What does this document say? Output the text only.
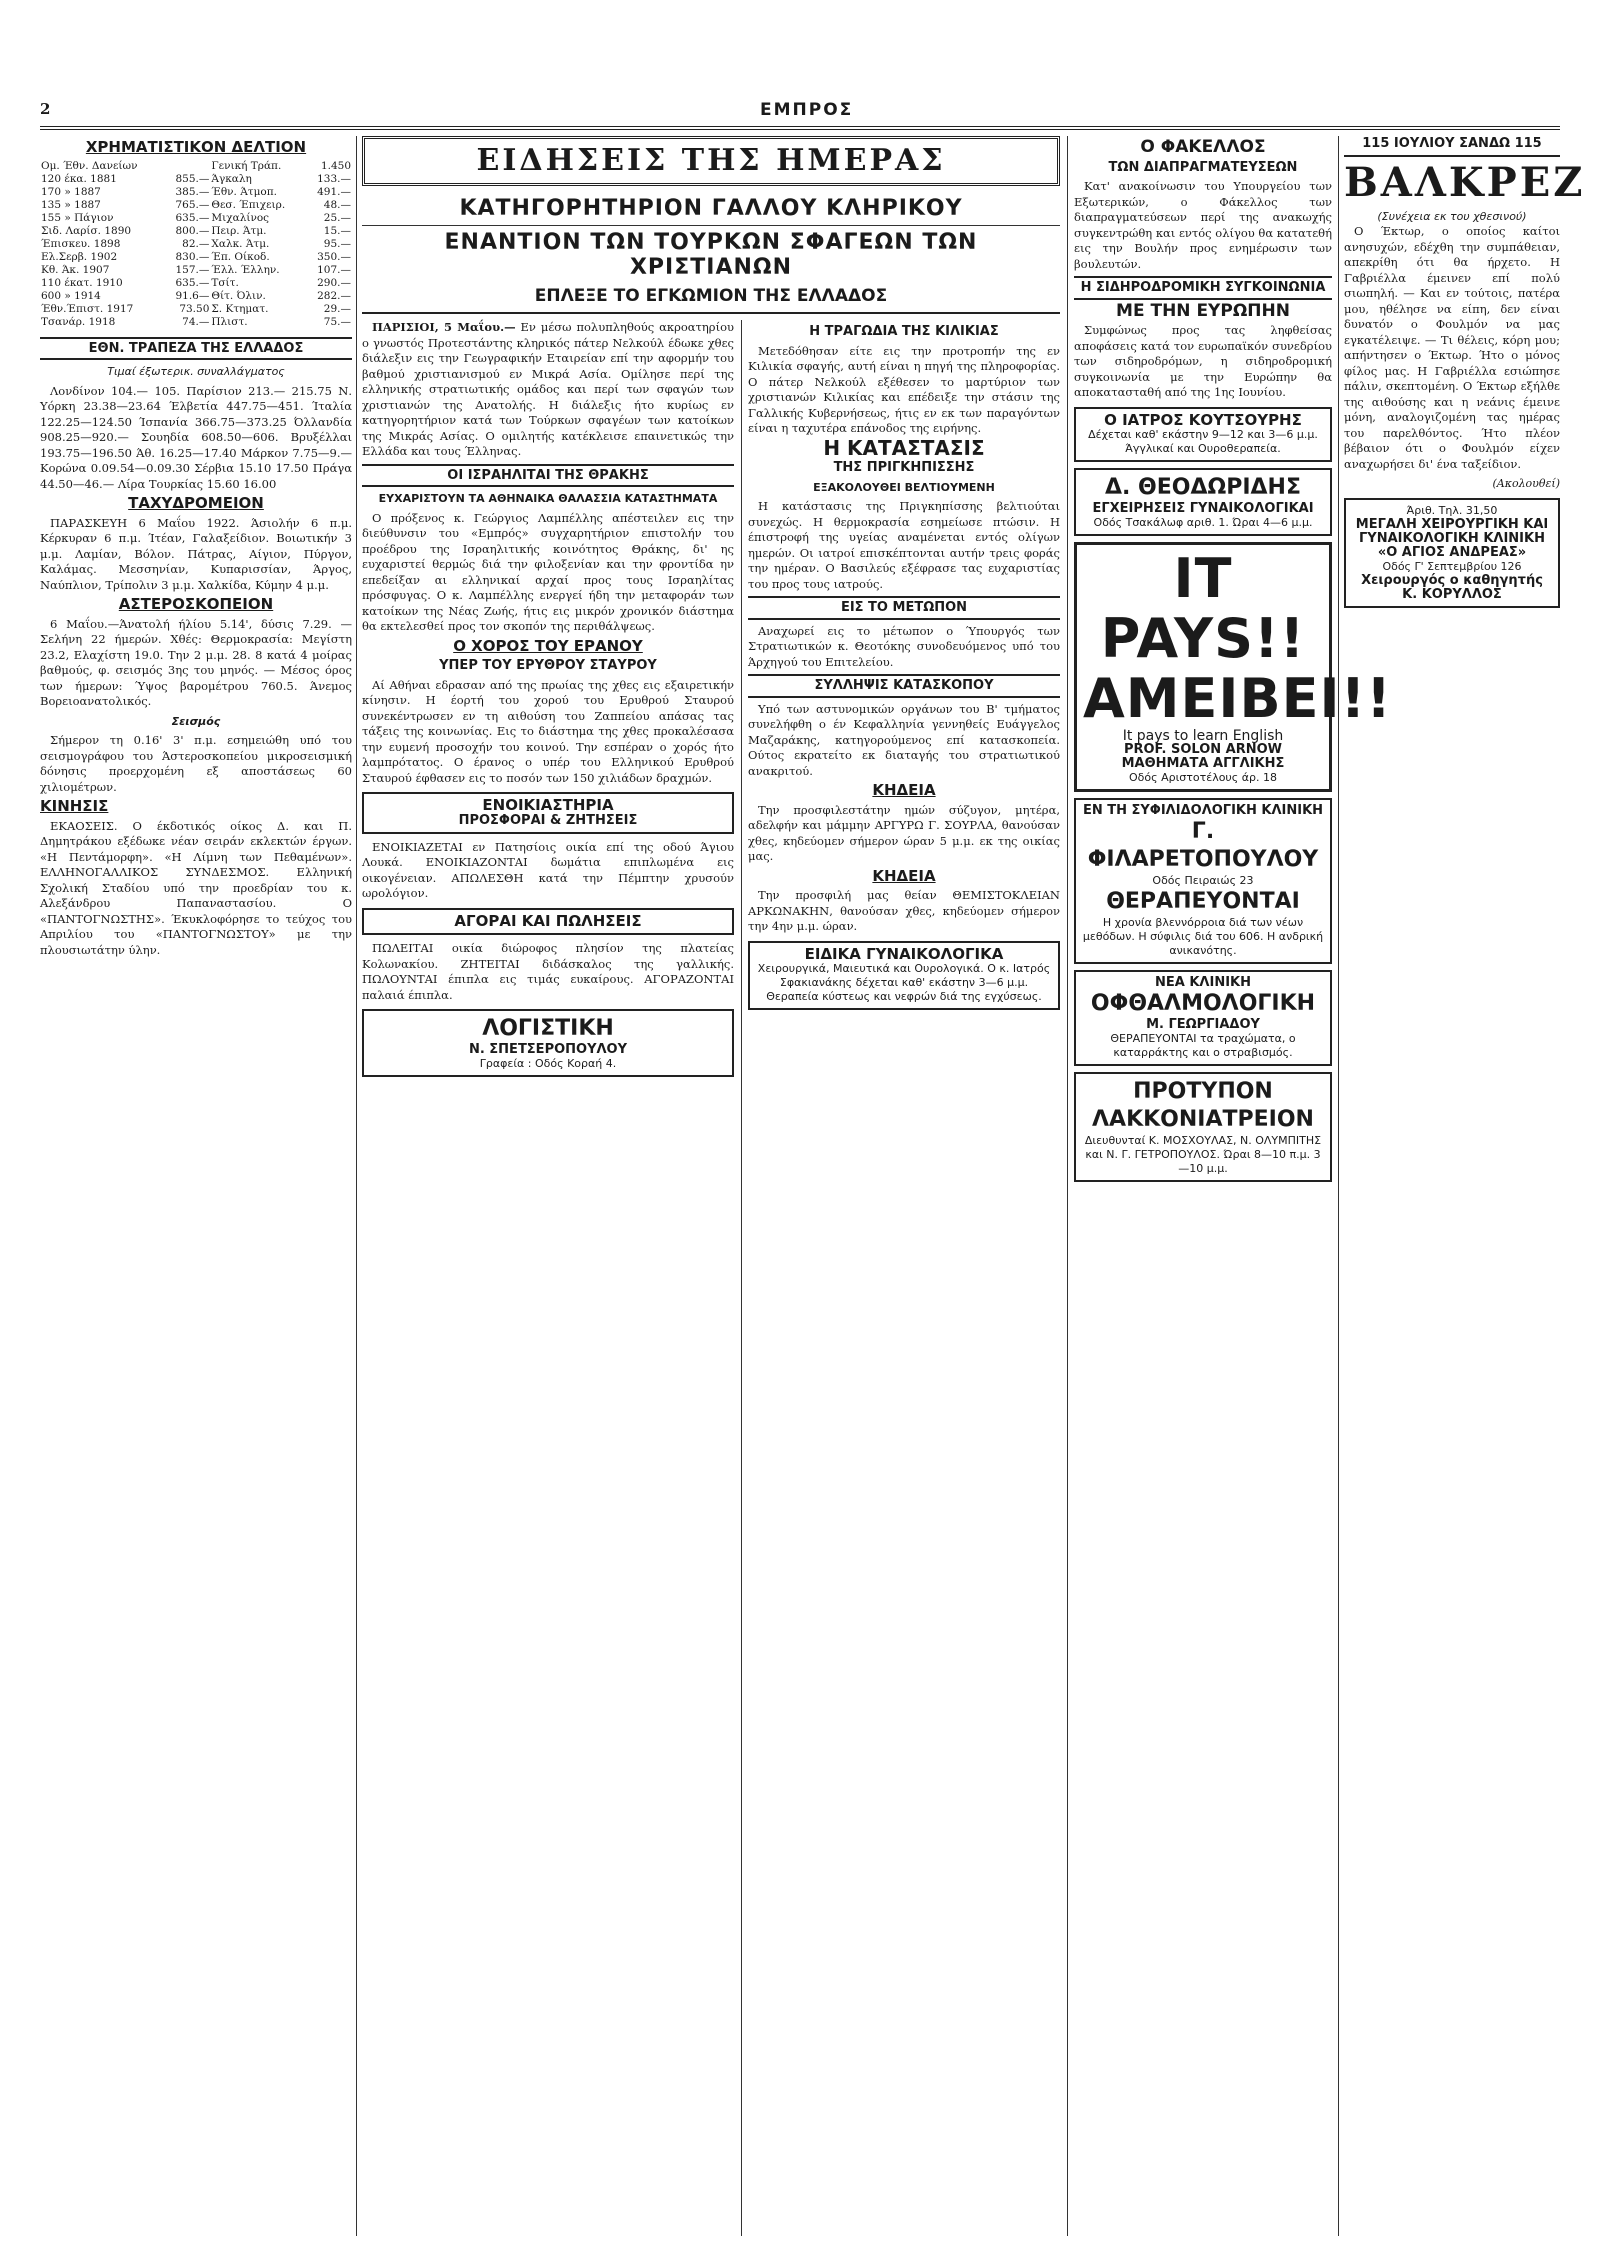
2	ΕΜΠΡΟΣ
ΧΡΗΜΑΤΙΣΤΙΚΟΝ ΔΕΛΤΙΟΝ
Ομ. Έθν. Δανείων		Γενική Τράπ.	1.450
120 έκα. 1881	855.—	Άγκαλη	133.—
170 » 1887	385.—	Έθν. Άτμοπ.	491.—
135 » 1887	765.—	Θεσ. Έπιχειρ.	48.—
155 » Πάγιον	635.—	Μιχαλίνος	25.—
Σιδ. Λαρίσ. 1890	800.—	Πειρ. Άτμ.	15.—
Έπισκευ. 1898	82.—	Χαλκ. Άτμ.	95.—
Ελ.Σερβ. 1902	830.—	Έπ. Οίκοδ.	350.—
Κθ. Άκ. 1907	157.—	Έλλ. Έλλην.	107.—
110 έκατ. 1910	635.—	Τσίτ.	290.—
600 » 1914	91.6—	Θίτ. Όλιν.	282.—
Έθν.Έπιστ. 1917	73.50	Σ. Κτηματ.	29.—
Τσανάρ. 1918	74.—	Πλιστ.	75.—
ΕΘΝ. ΤΡΑΠΕΖΑ ΤΗΣ ΕΛΛΑΔΟΣ
Τιμαί έξωτερικ. συναλλάγματος

Λονδίνον 104.— 105. Παρίσιον 213.— 215.75 Ν. Υόρκη 23.38—23.64 Έλβετία 447.75—451. Ίταλία 122.25—124.50 Ίσπανία 366.75—373.25 Όλλανδία 908.25—920.— Σουηδία 608.50—606. Βρυξέλλαι 193.75—196.50 Άθ. 16.25—17.40 Μάρκον 7.75—9.— Κορώνα 0.09.54—0.09.30 Σέρβια 15.10 17.50 Πράγα 44.50—46.— Λίρα Τουρκίας 15.60 16.00

ΤΑΧΥΔΡΟΜΕΙΟΝ

ΠΑΡΑΣΚΕΥΗ 6 Μαΐου 1922. Άσιολήν 6 π.μ. Κέρκυραν 6 π.μ. Ίτέαν, Γαλαξείδιον. Βοιωτικήν 3 μ.μ. Λαμίαν, Βόλον. Πάτρας, Αίγιον, Πύργον, Καλάμας. Μεσσηνίαν, Κυπαρισσίαν, Άργος, Ναύπλιον, Τρίπολιν 3 μ.μ. Χαλκίδα, Κύμην 4 μ.μ.

ΑΣΤΕΡΟΣΚΟΠΕΙΟΝ

6 Μαΐου.—Άνατολή ήλίου 5.14', δύσις 7.29. —Σελήνη 22 ήμερών. Χθές: Θερμοκρασία: Μεγίστη 23.2, Ελαχίστη 19.0. Την 2 μ.μ. 28. 8 κατά 4 μοίρας βαθμούς, φ. σεισμός 3ης του μηνός. — Μέσος όρος των ήμερων: Ύψος βαρομέτρου 760.5. Άνεμος Βορειοανατολικός.

Σεισμός

Σήμερον τη 0.16' 3' π.μ. εσημειώθη υπό του σεισμογράφου του Άστεροσκοπείου μικροσεισμική δόνησις προερχομένη εξ αποστάσεως 60 χιλιομέτρων.

ΚΙΝΗΣΙΣ

ΕΚΑΟΣΕΙΣ. Ο έκδοτικός οίκος Δ. και Π. Δημητράκου εξέδωκε νέαν σειράν εκλεκτών έργων. «Η Πεντάμορφη». «Η Λίμνη των Πεθαμένων». ΕΛΛΗΝΟΓΑΛΛΙΚΟΣ ΣΥΝΔΕΣΜΟΣ. Ελληνική Σχολική Σταδίου υπό την προεδρίαν του κ. Αλεξάνδρου Παπαναστασίου. Ο «ΠΑΝΤΟΓΝΩΣΤΗΣ». Έκυκλοφόρησε το τεύχος του Απριλίου του «ΠΑΝΤΟΓΝΩΣΤΟΥ» με την πλουσιωτάτην ύλην.

ΕΙΔΗΣΕΙΣ ΤΗΣ ΗΜΕΡΑΣ
ΚΑΤΗΓΟΡΗΤΗΡΙΟΝ ΓΑΛΛΟΥ ΚΛΗΡΙΚΟΥ
ΕΝΑΝΤΙΟΝ ΤΩΝ ΤΟΥΡΚΩΝ ΣΦΑΓΕΩΝ ΤΩΝ ΧΡΙΣΤΙΑΝΩΝ
ΕΠΛΕΞΕ ΤΟ ΕΓΚΩΜΙΟΝ ΤΗΣ ΕΛΛΑΔΟΣ

ΠΑΡΙΣΙΟΙ, 5 Μαΐου.— Εν μέσω πολυπληθούς ακροατηρίου ο γνωστός Προτεστάντης κληρικός πάτερ Νελκούλ έδωκε χθες διάλεξιν εις την Γεωγραφικήν Εταιρείαν επί την αφορμήν του βαθμού χριστιανισμού εν Μικρά Ασία. Ομίλησε περί της ελληνικής στρατιωτικής ομάδος και περί των σφαγών των χριστιανών της Ανατολής. Η διάλεξις ήτο κυρίως εν κατηγορητήριον κατά των Τούρκων σφαγέων των κατοίκων της Μικράς Ασίας. Ο ομιλητής κατέκλεισε επαινετικώς την Ελλάδα και τους Έλληνας.

ΟΙ ΙΣΡΑΗΛΙΤΑΙ ΤΗΣ ΘΡΑΚΗΣ
ΕΥΧΑΡΙΣΤΟΥΝ ΤΑ ΑΘΗΝΑΙΚΑ ΘΑΛΑΣΣΙΑ ΚΑΤΑΣΤΗΜΑΤΑ

Ο πρόξενος κ. Γεώργιος Λαμπέλλης απέστειλεν εις την διεύθυνσιν του «Εμπρός» συγχαρητήριον επιστολήν του προέδρου της Ισραηλιτικής κοινότητος Θράκης, δι' ης ευχαριστεί θερμώς διά την φιλοξενίαν και την φροντίδα ην επεδείξαν αι ελληνικαί αρχαί προς τους Ισραηλίτας πρόσφυγας. Ο κ. Λαμπέλλης ενεργεί ήδη την μεταφοράν των κατοίκων της Νέας Ζωής, ήτις εις μικρόν χρονικόν διάστημα θα εκτελεσθεί προς τον σκοπόν της περιθάλψεως.

Ο ΧΟΡΟΣ ΤΟΥ ΕΡΑΝΟΥ
ΥΠΕΡ ΤΟΥ ΕΡΥΘΡΟΥ ΣΤΑΥΡΟΥ

Αί Αθήναι εδρασαν από της πρωίας της χθες εις εξαιρετικήν κίνησιν. Η έορτή του χορού του Ερυθρού Σταυρού συνεκέντρωσεν εν τη αιθούση του Ζαππείου απάσας τας τάξεις της κοινωνίας. Εις το διάστημα της χθες προκαλέσασα την ευμενή προσοχήν του κοινού. Την εσπέραν ο χορός ήτο λαμπρότατος. Ο έρανος ο υπέρ του Ελληνικού Ερυθρού Σταυρού έφθασεν εις το ποσόν των 150 χιλιάδων δραχμών.

ΕΝΟΙΚΙΑΣΤΗΡΙΑ
ΠΡΟΣΦΟΡΑΙ & ΖΗΤΗΣΕΙΣ

ΕΝΟΙΚΙΑΖΕΤΑΙ εν Πατησίοις οικία επί της οδού Άγιου Λουκά. ΕΝΟΙΚΙΑΖΟΝΤΑΙ δωμάτια επιπλωμένα εις οικογένειαν. ΑΠΩΛΕΣΘΗ κατά την Πέμπτην χρυσούν ωρολόγιον.

ΑΓΟΡΑΙ ΚΑΙ ΠΩΛΗΣΕΙΣ

ΠΩΛΕΙΤΑΙ οικία διώροφος πλησίον της πλατείας Κολωνακίου. ΖΗΤΕΙΤΑΙ διδάσκαλος της γαλλικής. ΠΩΛΟΥΝΤΑΙ έπιπλα εις τιμάς ευκαίρους. ΑΓΟΡΑΖΟΝΤΑΙ παλαιά έπιπλα.

ΛΟΓΙΣΤΙΚΗ
Ν. ΣΠΕΤΣΕΡΟΠΟΥΛΟΥ
Γραφεία : Οδός Κοραή 4.
Η ΤΡΑΓΩΔΙΑ ΤΗΣ ΚΙΛΙΚΙΑΣ

Μετεδόθησαν είτε εις την προτροπήν της εν Κιλικία σφαγής, αυτή είναι η πηγή της πληροφορίας. Ο πάτερ Νελκούλ εξέθεσεν το μαρτύριον των χριστιανών Κιλικίας και επέδειξε την στάσιν της Γαλλικής Κυβερνήσεως, ήτις εν εκ των παραγόντων είναι η ταχυτέρα επάνοδος της ειρήνης.

Η ΚΑΤΑΣΤΑΣΙΣ
ΤΗΣ ΠΡΙΓΚΗΠΙΣΣΗΣ
ΕΞΑΚΟΛΟΥΘΕΙ ΒΕΛΤΙΟΥΜΕΝΗ

Η κατάστασις της Πριγκηπίσσης βελτιούται συνεχώς. Η θερμοκρασία εσημείωσε πτώσιν. Η έπιστροφή της υγείας αναμένεται εντός ολίγων ημερών. Οι ιατροί επισκέπτονται αυτήν τρεις φοράς την ημέραν. Ο Βασιλεύς εξέφρασε τας ευχαριστίας του προς τους ιατρούς.

ΕΙΣ ΤΟ ΜΕΤΩΠΟΝ

Αναχωρεί εις το μέτωπον ο Ύπουργός των Στρατιωτικών κ. Θεοτόκης συνοδευόμενος υπό του Άρχηγού του Επιτελείου.

ΣΥΛΛΗΨΙΣ ΚΑΤΑΣΚΟΠΟΥ

Υπό των αστυνομικών οργάνων του Β' τμήματος συνελήφθη ο έν Κεφαλληνία γεννηθείς Ευάγγελος Μαζαράκης, κατηγορούμενος επί κατασκοπεία. Ούτος εκρατείτο εκ διαταγής του στρατιωτικού ανακριτού.

ΚΗΔΕΙΑ

Την προσφιλεστάτην ημών σύζυγον, μητέρα, αδελφήν και μάμμην ΑΡΓΥΡΩ Γ. ΣΟΥΡΛΑ, θανούσαν χθες, κηδεύομεν σήμερον ώραν 5 μ.μ. εκ της οικίας μας.

ΚΗΔΕΙΑ

Την προσφιλή μας θείαν ΘΕΜΙΣΤΟΚΛΕΙΑΝ ΑΡΚΩΝΑΚΗΝ, θανούσαν χθες, κηδεύομεν σήμερον την 4ην μ.μ. ώραν.

ΕΙΔΙΚΑ ΓΥΝΑΙΚΟΛΟΓΙΚΑ
Χειρουργικά, Μαιευτικά και Ουρολογικά. Ο κ. Ιατρός Σφακιανάκης δέχεται καθ' εκάστην 3—6 μ.μ. Θεραπεία κύστεως και νεφρών διά της εγχύσεως.
Ο ΦΑΚΕΛΛΟΣ
ΤΩΝ ΔΙΑΠΡΑΓΜΑΤΕΥΣΕΩΝ

Κατ' ανακοίνωσιν του Υπουργείου των Εξωτερικών, ο Φάκελλος των διαπραγματεύσεων περί της ανακωχής συγκεντρώθη και εντός ολίγου θα κατατεθή εις την Βουλήν προς ενημέρωσιν των βουλευτών.

Η ΣΙΔΗΡΟΔΡΟΜΙΚΗ ΣΥΓΚΟΙΝΩΝΙΑ
ΜΕ ΤΗΝ ΕΥΡΩΠΗΝ

Συμφώνως προς τας ληφθείσας αποφάσεις κατά τον ευρωπαϊκόν συνεδρίου των σιδηροδρόμων, η σιδηροδρομική συγκοινωνία με την Ευρώπην θα αποκατασταθή από της 1ης Ιουνίου.

Ο ΙΑΤΡΟΣ ΚΟΥΤΣΟΥΡΗΣ
Δέχεται καθ' εκάστην 9—12 και 3—6 μ.μ. Άγγλικαί και Ουροθεραπεία.
Δ. ΘΕΟΔΩΡΙΔΗΣ
ΕΓΧΕΙΡΗΣΕΙΣ ΓΥΝΑΙΚΟΛΟΓΙΚΑΙ
Οδός Τσακάλωφ αριθ. 1. Ώραι 4—6 μ.μ.
IT PAYS!!
ΑΜΕΙΒΕΙ!!
It pays to learn English
PROF. SOLON ARNOW
ΜΑΘΗΜΑΤΑ ΑΓΓΛΙΚΗΣ
Οδός Αριστοτέλους άρ. 18
ΕΝ ΤΗ ΣΥΦΙΛΙΔΟΛΟΓΙΚΗ ΚΛΙΝΙΚΗ
Γ. ΦΙΛΑΡΕΤΟΠΟΥΛΟΥ
Οδός Πειραιώς 23
ΘΕΡΑΠΕΥΟΝΤΑΙ
Η χρονία βλεννόρροια διά των νέων μεθόδων. Η σύφιλις διά του 606. Η ανδρική ανικανότης.
ΝΕΑ ΚΛΙΝΙΚΗ
ΟΦΘΑΛΜΟΛΟΓΙΚΗ
Μ. ΓΕΩΡΓΙΑΔΟΥ
ΘΕΡΑΠΕΥΟΝΤΑΙ τα τραχώματα, ο καταρράκτης και ο στραβισμός.
ΠΡΟΤΥΠΟΝ
ΛΑΚΚΟΝΙΑΤΡΕΙΟΝ
Διευθυνταί Κ. ΜΟΣΧΟΥΛΑΣ, Ν. ΟΛΥΜΠΙΤΗΣ και Ν. Γ. ΓΕΤΡΟΠΟΥΛΟΣ. Ώραι 8—10 π.μ. 3—10 μ.μ.
115 ΙΟΥΛΙΟΥ ΣΑΝΔΩ 115
ΒΑΛΚΡΕΖ
(Συνέχεια εκ του χθεσινού)

Ο Έκτωρ, ο οποίος καίτοι ανησυχών, εδέχθη την συμπάθειαν, απεκρίθη ότι θα ήρχετο. Η Γαβριέλλα έμεινεν επί πολύ σιωπηλή. — Και εν τούτοις, πατέρα μου, ηθέλησε να είπη, δεν είναι δυνατόν ο Φουλμόν να μας εγκατέλειψε. — Τι θέλεις, κόρη μου; απήντησεν ο Έκτωρ. Ήτο ο μόνος φίλος μας. Η Γαβριέλλα εσιώπησε πάλιν, σκεπτομένη. Ο Έκτωρ εξήλθε της αιθούσης και η νεάνις έμεινε μόνη, αναλογιζομένη τας ημέρας του παρελθόντος. Ήτο πλέον βέβαιον ότι ο Φουλμόν είχεν αναχωρήσει δι' ένα ταξείδιον.

(Ακολουθεί)
Άριθ. Τηλ. 31,50
ΜΕΓΑΛΗ ΧΕΙΡΟΥΡΓΙΚΗ ΚΑΙ ΓΥΝΑΙΚΟΛΟΓΙΚΗ ΚΛΙΝΙΚΗ
«Ο ΑΓΙΟΣ ΑΝΔΡΕΑΣ»
Οδός Γ' Σεπτεμβρίου 126
Χειρουργός ο καθηγητής Κ. ΚΟΡΥΛΛΟΣ
